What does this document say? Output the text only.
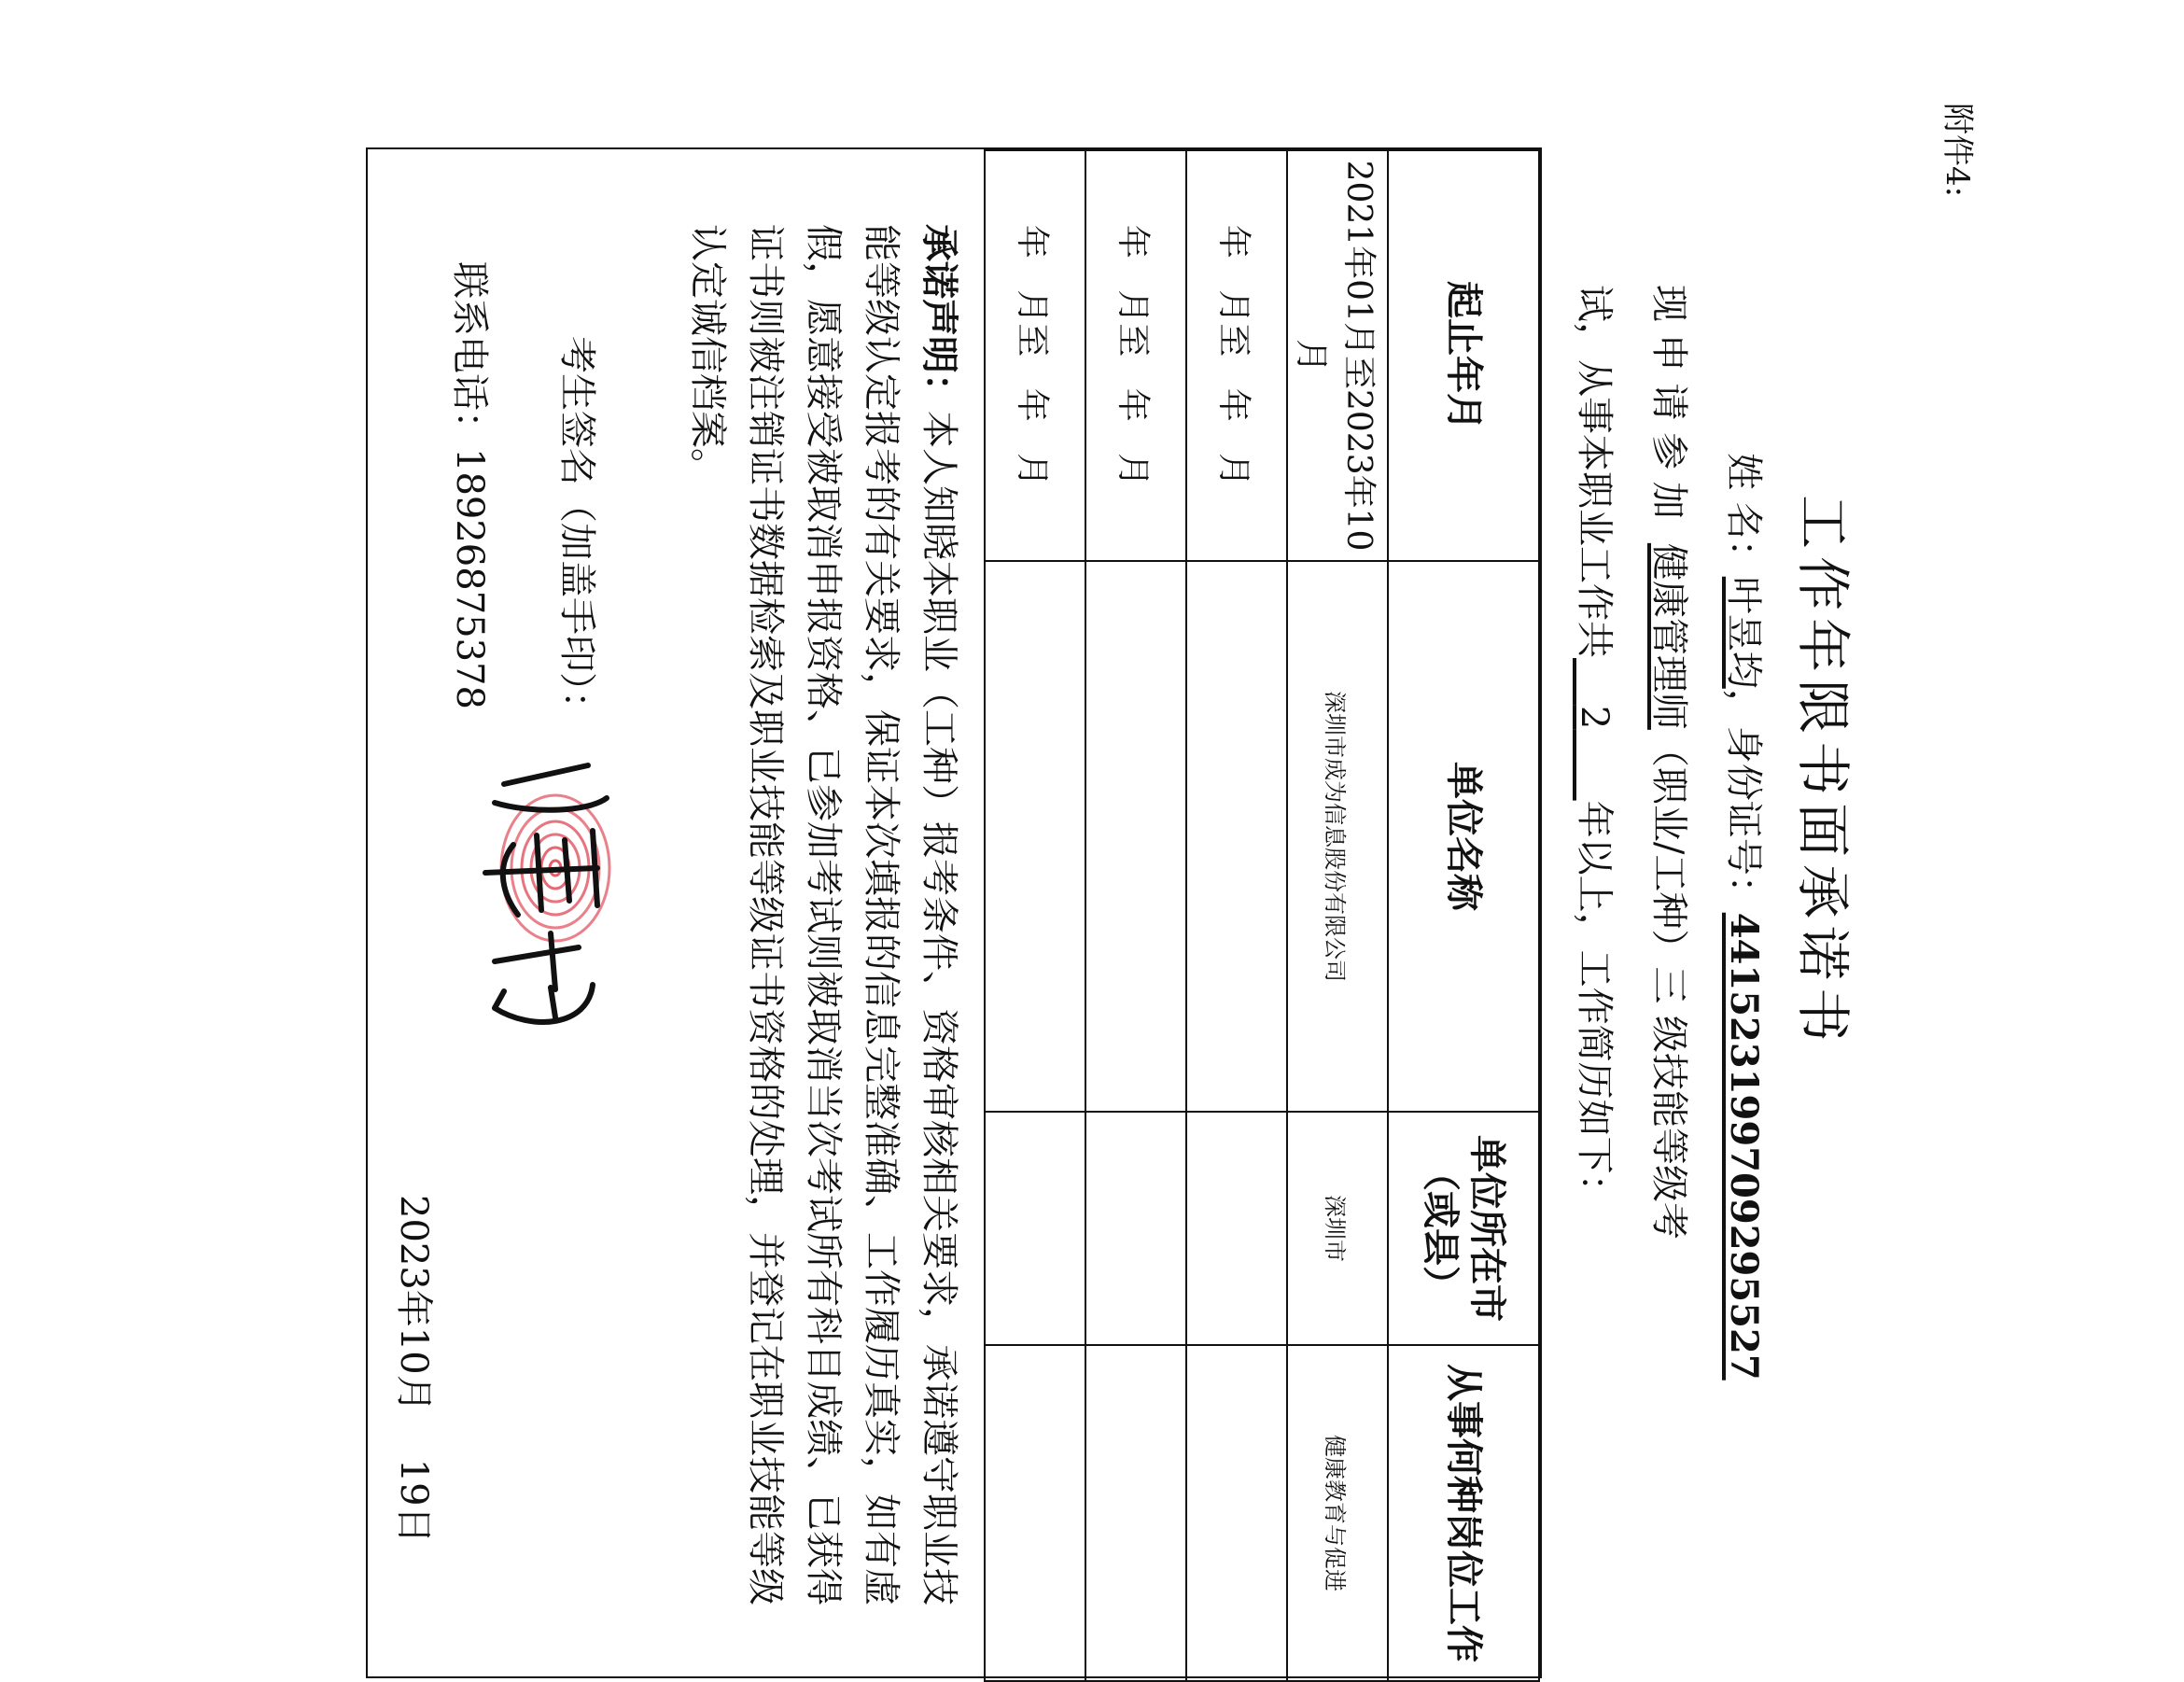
附件4:
工作年限书面承诺书
姓 名：叶昱均，身份证号：441523199709295527
现 申 请 参 加健康管理师（职业/工种）三 级技能等级考
试，从事本职业工作共    2      年以上，工作简历如下：
起止年月	单位名称	单位所在市（或县）	从事何种岗位工作
2021年01月至2023年10月	深圳市成为信息股份有限公司	深圳市	健康教育与促进
年 月至 年 月			
年 月至 年 月			
年 月至 年 月			
承诺声明：本人知晓本职业（工种）报考条件、资格审核相关要求，承诺遵守职业技能等级认定报考的有关要求，保证本次填报的信息完整准确、工作履历真实，如有虚假，愿意接受被取消申报资格、已参加考试则被取消当次考试所有科目成绩、已获得证书则被注销证书数据检索及职业技能等级证书资格的处理，并登记在职业技能等级认定诚信档案。
考生签名（加盖手印）：
联系电话：18926875378
2023年10月19日
